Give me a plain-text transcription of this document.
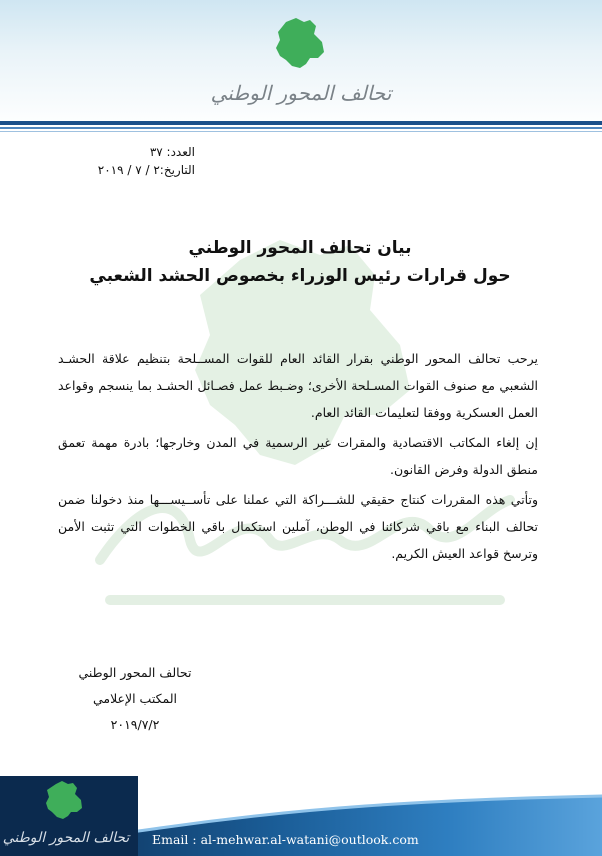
تحالف المحور الوطني
العدد: ٣٧
التاريخ:٢ / ٧ / ٢٠١٩
بيان تحالف المحور الوطني
حول قرارات رئيس الوزراء بخصوص الحشد الشعبي

يرحب تحالف المحور الوطني بقرار القائد العام للقوات المســلحة بتنظيم علاقة الحشـد الشعبي مع صنوف القوات المسـلحة الأخرى؛ وضـبط عمل فصـائل الحشـد بما ينسجم وقواعد العمل العسكرية ووفقا لتعليمات القائد العام.

إن إلغاء المكاتب الاقتصادية والمقرات غير الرسمية في المدن وخارجها؛ بادرة مهمة تعمق منطق الدولة وفرض القانون.

وتأتي هذه المقررات كنتاج حقيقي للشـــراكة التي عملنا على تأســيســـها منذ دخولنا ضمن تحالف البناء مع باقي شركائنا في الوطن، آملين استكمال باقي الخطوات التي تثبت الأمن وترسخ قواعد العيش الكريم.

تحالف المحور الوطني
المكتب الإعلامي
٢٠١٩/٧/٢
تحالف المحور الوطني Email : al-mehwar.al-watani@outlook.com
